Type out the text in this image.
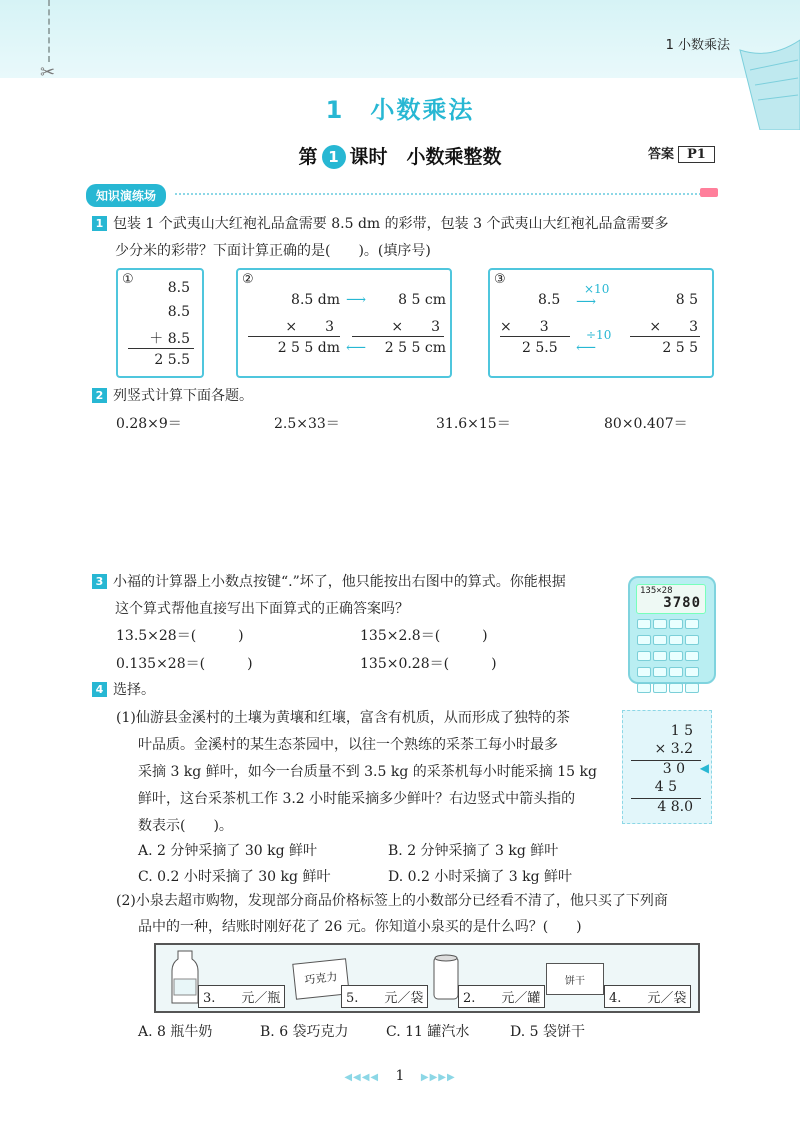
✂
1 小数乘法
1　小数乘法
第 1 课时　小数乘整数	答案 P1
知识演练场
1 包装 1 个武夷山大红袍礼品盒需要 8.5 dm 的彩带，包装 3 个武夷山大红袍礼品盒需要多
少分米的彩带？下面计算正确的是(　　)。(填序号)
①
8.5
8.5
＋ 8.5
2 5.5
②
8.5 dm
×　　3
2 5 5 dm
⟶
⟵
8 5 cm
×　　3
2 5 5 cm
③
8.5
×　　3
2 5.5
×10
⟶
÷10
⟵
8 5
×　　3
2 5 5
2 列竖式计算下面各题。
0.28×9＝	2.5×33＝	31.6×15＝	80×0.407＝
3 小福的计算器上小数点按键“.”坏了，他只能按出右图中的算式。你能根据
这个算式帮他直接写出下面算式的正确答案吗？
13.5×28＝(　　　)	135×2.8＝(　　　)
0.135×28＝(　　　)	135×0.28＝(　　　)
135×28
3780

4 选择。
(1)仙游县金溪村的土壤为黄壤和红壤，富含有机质，从而形成了独特的茶
叶品质。金溪村的某生态茶园中，以往一个熟练的采茶工每小时最多
采摘 3 kg 鲜叶，如今一台质量不到 3.5 kg 的采茶机每小时能采摘 15 kg
鲜叶，这台采茶机工作 3.2 小时能采摘多少鲜叶？右边竖式中箭头指的
数表示(　　)。
A. 2 分钟采摘了 30 kg 鲜叶	B. 2 分钟采摘了 3 kg 鲜叶
C. 0.2 小时采摘了 30 kg 鲜叶	D. 0.2 小时采摘了 3 kg 鲜叶
1 5
× 3.2
3 0 ◀
4 5
4 8.0
(2)小泉去超市购物，发现部分商品价格标签上的小数部分已经看不清了，他只买了下列商
品中的一种，结账时刚好花了 26 元。你知道小泉买的是什么吗？(　　)
3.　　元／瓶
巧克力
5.　　元／袋	2.　　元／罐
饼干
4.　　元／袋
A. 8 瓶牛奶	B. 6 袋巧克力	C. 11 罐汽水	D. 5 袋饼干
◀◀◀◀ 1 ▶▶▶▶
